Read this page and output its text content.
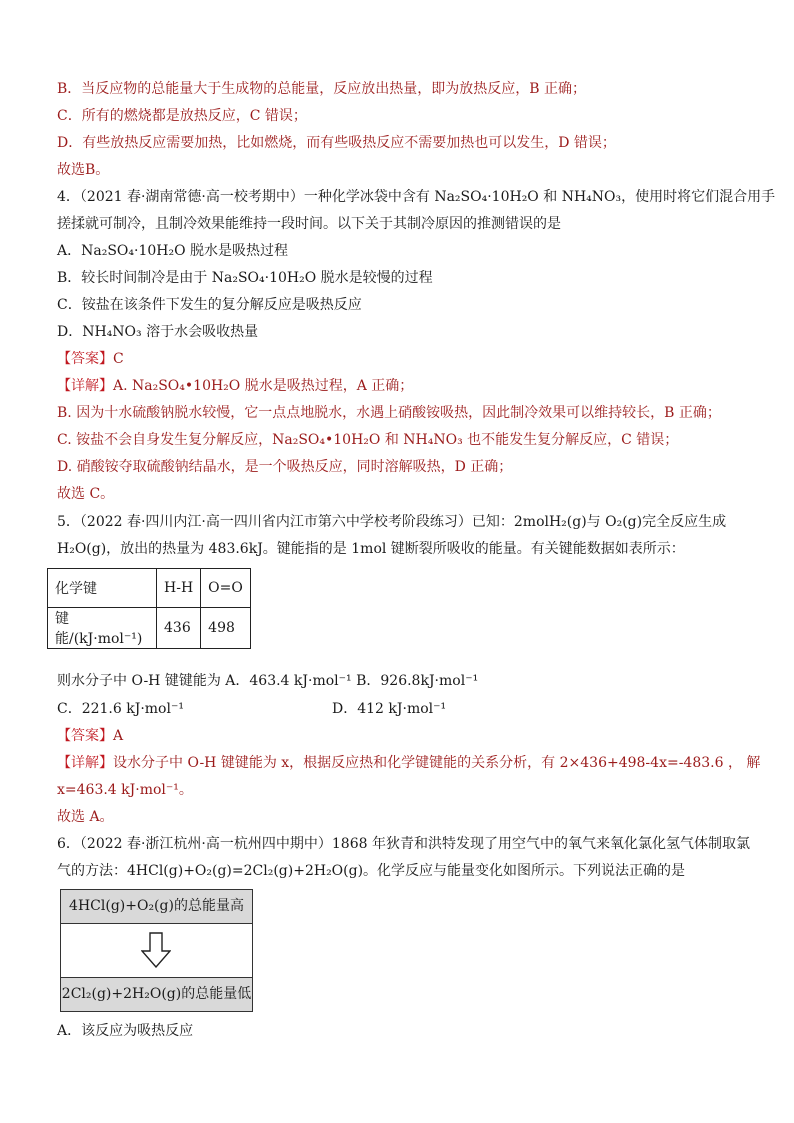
B．当反应物的总能量大于生成物的总能量，反应放出热量，即为放热反应，B 正确；
C．所有的燃烧都是放热反应，C 错误；
D．有些放热反应需要加热，比如燃烧，而有些吸热反应不需要加热也可以发生，D 错误；
故选B。
4．（2021 春·湖南常德·高一校考期中）一种化学冰袋中含有 Na₂SO₄·10H₂O 和 NH₄NO₃，使用时将它们混合用手
搓揉就可制冷，且制冷效果能维持一段时间。以下关于其制冷原因的推测错误的是
A．Na₂SO₄·10H₂O 脱水是吸热过程
B．较长时间制冷是由于 Na₂SO₄·10H₂O 脱水是较慢的过程
C．铵盐在该条件下发生的复分解反应是吸热反应
D．NH₄NO₃ 溶于水会吸收热量
【答案】C
【详解】A. Na₂SO₄•10H₂O 脱水是吸热过程，A 正确；
B. 因为十水硫酸钠脱水较慢，它一点点地脱水，水遇上硝酸铵吸热，因此制冷效果可以维持较长，B 正确；
C. 铵盐不会自身发生复分解反应，Na₂SO₄•10H₂O 和 NH₄NO₃ 也不能发生复分解反应，C 错误；
D. 硝酸铵夺取硫酸钠结晶水，是一个吸热反应，同时溶解吸热，D 正确；
故选 C。
5．（2022 春·四川内江·高一四川省内江市第六中学校考阶段练习）已知：2molH₂(g)与 O₂(g)完全反应生成
H₂O(g)，放出的热量为 483.6kJ。键能指的是 1mol 键断裂所吸收的能量。有关键能数据如表所示：
化学键	H-H	O=O
键能/(kJ·mol⁻¹)	436	498
则水分子中 O-H 键键能为 A．463.4 kJ·mol⁻¹ B．926.8kJ·mol⁻¹
C．221.6 kJ·mol⁻¹	D．412 kJ·mol⁻¹
【答案】A
【详解】设水分子中 O-H 键键能为 x，根据反应热和化学键键能的关系分析，有 2×436+498-4x=-483.6 ， 解
x=463.4 kJ·mol⁻¹。
故选 A。
6．（2022 春·浙江杭州·高一杭州四中期中）1868 年狄青和洪特发现了用空气中的氧气来氧化氯化氢气体制取氯
气的方法：4HCl(g)+O₂(g)=2Cl₂(g)+2H₂O(g)。化学反应与能量变化如图所示。下列说法正确的是
4HCl(g)+O₂(g)的总能量高
2Cl₂(g)+2H₂O(g)的总能量低
A．该反应为吸热反应
